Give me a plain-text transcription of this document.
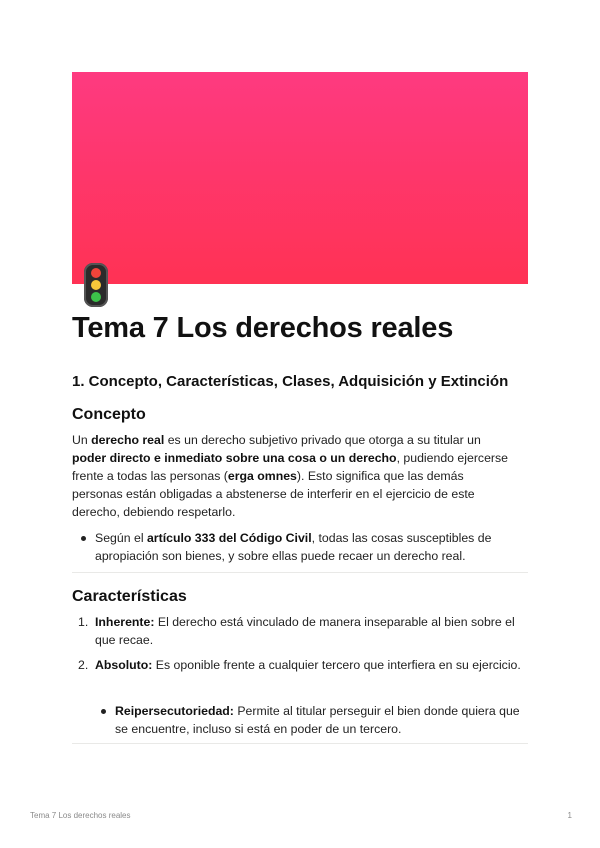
Tema 7 Los derechos reales
1. Concepto, Características, Clases, Adquisición y Extinción
Concepto

Un derecho real es un derecho subjetivo privado que otorga a su titular un poder directo e inmediato sobre una cosa o un derecho, pudiendo ejercerse frente a todas las personas (erga omnes). Esto significa que las demás personas están obligadas a abstenerse de interferir en el ejercicio de este derecho, debiendo respetarlo.

Según el artículo 333 del Código Civil, todas las cosas susceptibles de apropiación son bienes, y sobre ellas puede recaer un derecho real.
Características
1. Inherente: El derecho está vinculado de manera inseparable al bien sobre el que recae.
2. Absoluto: Es oponible frente a cualquier tercero que interfiera en su ejercicio.
Reipersecutoriedad: Permite al titular perseguir el bien donde quiera que se encuentre, incluso si está en poder de un tercero.
Tema 7 Los derechos reales	1
